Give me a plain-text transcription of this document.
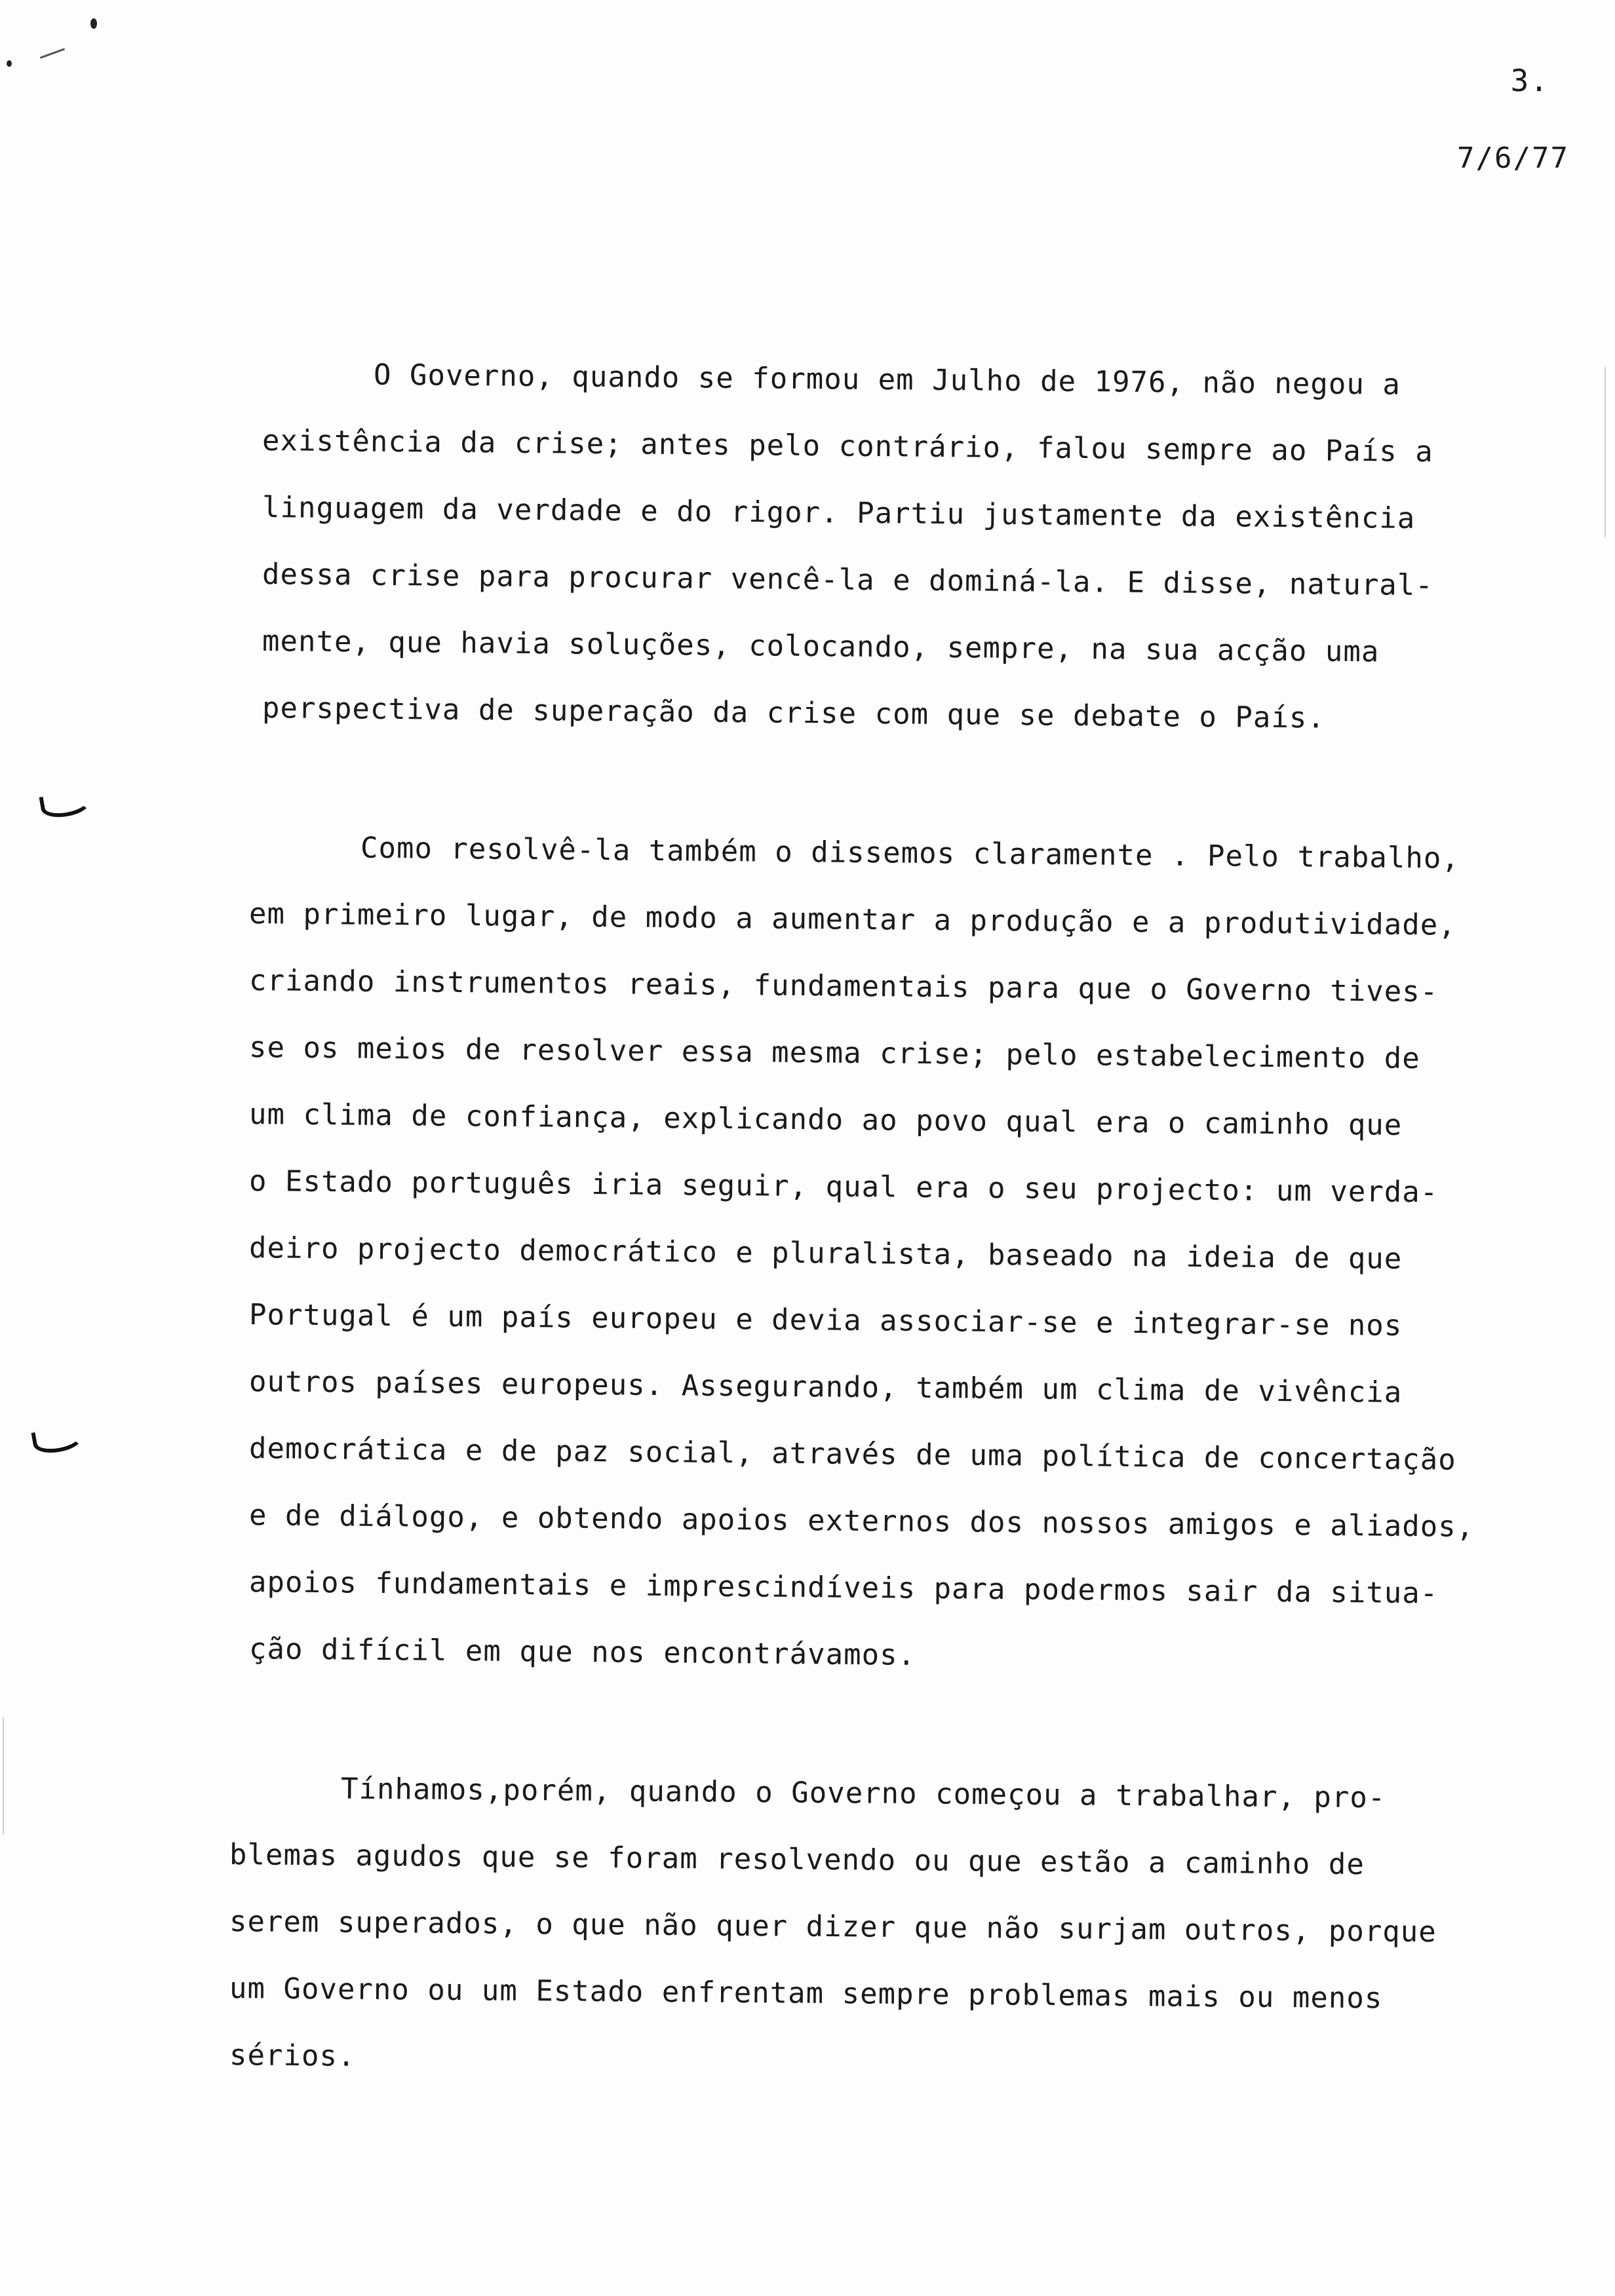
3.
7/6/77
O Governo, quando se formou em Julho de 1976, não negou a
existência da crise; antes pelo contrário, falou sempre ao País a
linguagem da verdade e do rigor. Partiu justamente da existência
dessa crise para procurar vencê-la e dominá-la. E disse, natural-
mente, que havia soluções, colocando, sempre, na sua acção uma
perspectiva de superação da crise com que se debate o País.
Como resolvê-la também o dissemos claramente . Pelo trabalho,
em primeiro lugar, de modo a aumentar a produção e a produtividade,
criando instrumentos reais, fundamentais para que o Governo tives-
se os meios de resolver essa mesma crise; pelo estabelecimento de
um clima de confiança, explicando ao povo qual era o caminho que
o Estado português iria seguir, qual era o seu projecto: um verda-
deiro projecto democrático e pluralista, baseado na ideia de que
Portugal é um país europeu e devia associar-se e integrar-se nos
outros países europeus. Assegurando, também um clima de vivência
democrática e de paz social, através de uma política de concertação
e de diálogo, e obtendo apoios externos dos nossos amigos e aliados,
apoios fundamentais e imprescindíveis para podermos sair da situa-
ção difícil em que nos encontrávamos.
Tínhamos,porém, quando o Governo começou a trabalhar, pro-
blemas agudos que se foram resolvendo ou que estão a caminho de
serem superados, o que não quer dizer que não surjam outros, porque
um Governo ou um Estado enfrentam sempre problemas mais ou menos
sérios.
